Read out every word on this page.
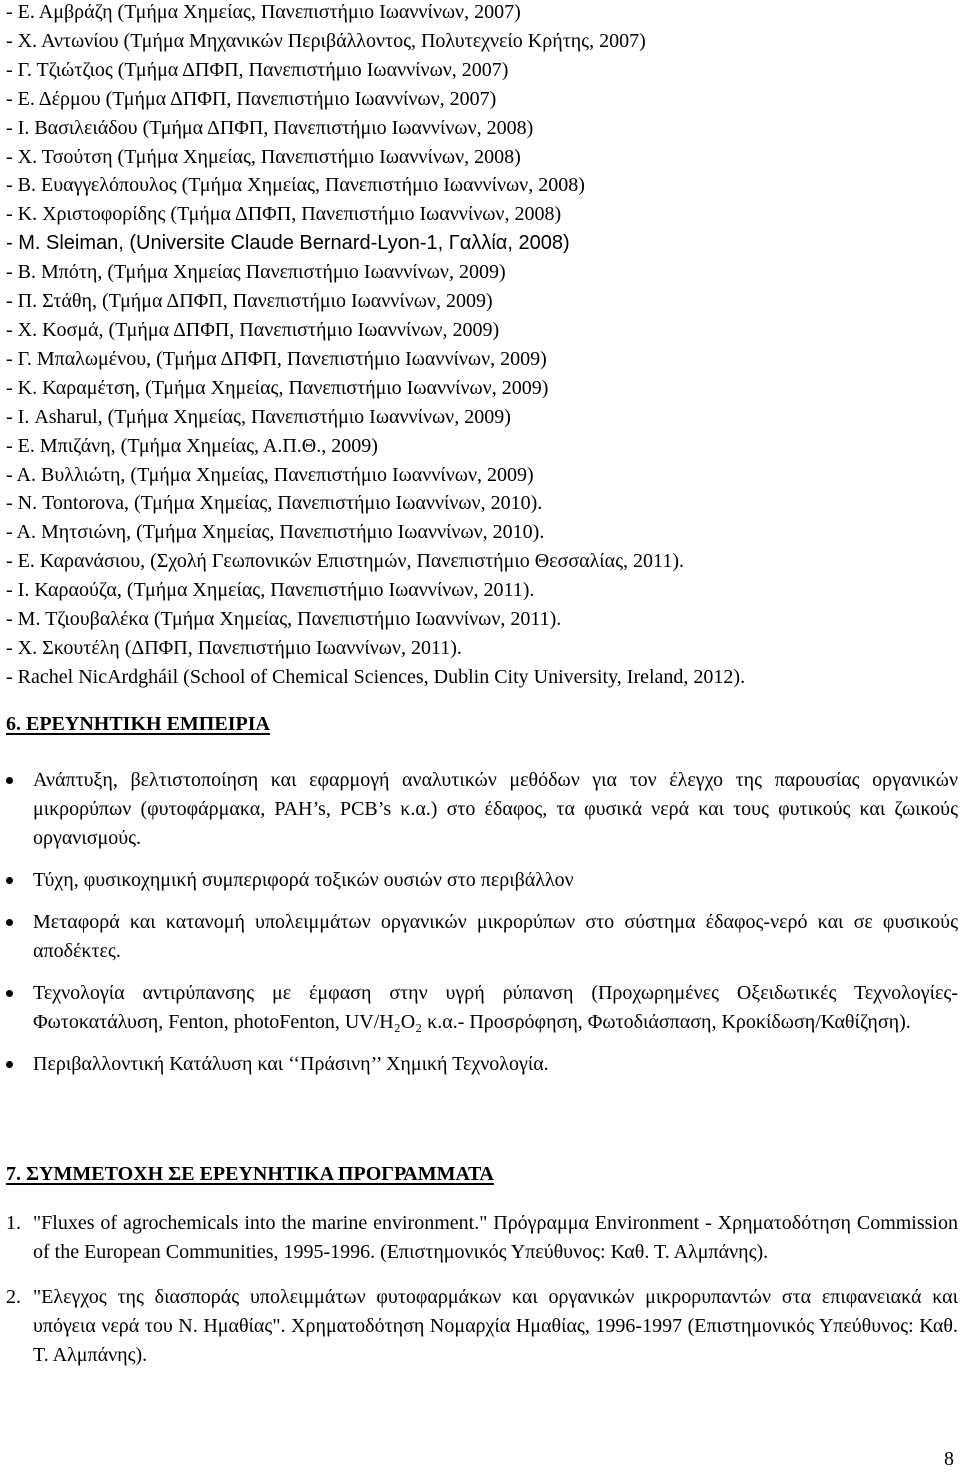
- Ε. Αμβράζη (Τμήμα Χημείας, Πανεπιστήμιο Ιωαννίνων, 2007)
- Χ. Αντωνίου (Τμήμα Μηχανικών Περιβάλλοντος, Πολυτεχνείο Κρήτης, 2007)
- Γ. Τζιώτζιος (Τμήμα ΔΠΦΠ, Πανεπιστήμιο Ιωαννίνων, 2007)
- Ε. Δέρμου (Τμήμα ΔΠΦΠ, Πανεπιστήμιο Ιωαννίνων, 2007)
- Ι. Βασιλειάδου (Τμήμα ΔΠΦΠ, Πανεπιστήμιο Ιωαννίνων, 2008)
- Χ. Τσούτση (Τμήμα Χημείας, Πανεπιστήμιο Ιωαννίνων, 2008)
- Β. Ευαγγελόπουλος (Τμήμα Χημείας, Πανεπιστήμιο Ιωαννίνων, 2008)
- Κ. Χριστοφορίδης (Τμήμα ΔΠΦΠ, Πανεπιστήμιο Ιωαννίνων, 2008)
- Μ. Sleiman, (Universite Claude Bernard-Lyon-1, Γαλλία, 2008)
- Β. Μπότη, (Τμήμα Χημείας Πανεπιστήμιο Ιωαννίνων, 2009)
- Π. Στάθη, (Τμήμα ΔΠΦΠ, Πανεπιστήμιο Ιωαννίνων, 2009)
- Χ. Κοσμά, (Τμήμα ΔΠΦΠ, Πανεπιστήμιο Ιωαννίνων, 2009)
- Γ. Μπαλωμένου, (Τμήμα ΔΠΦΠ, Πανεπιστήμιο Ιωαννίνων, 2009)
- Κ. Καραμέτση, (Τμήμα Χημείας, Πανεπιστήμιο Ιωαννίνων, 2009)
- Ι. Asharul, (Τμήμα Χημείας, Πανεπιστήμιο Ιωαννίνων, 2009)
- Ε. Μπιζάνη, (Τμήμα Χημείας, Α.Π.Θ., 2009)
- Α. Βυλλιώτη, (Τμήμα Χημείας, Πανεπιστήμιο Ιωαννίνων, 2009)
- Ν. Tontorova, (Τμήμα Χημείας, Πανεπιστήμιο Ιωαννίνων, 2010).
- Α. Μητσιώνη, (Τμήμα Χημείας, Πανεπιστήμιο Ιωαννίνων, 2010).
- Ε. Καρανάσιου, (Σχολή Γεωπονικών Επιστημών, Πανεπιστήμιο Θεσσαλίας, 2011).
- Ι. Καραούζα, (Τμήμα Χημείας, Πανεπιστήμιο Ιωαννίνων, 2011).
- Μ. Τζιουβαλέκα (Τμήμα Χημείας, Πανεπιστήμιο Ιωαννίνων, 2011).
- Χ. Σκουτέλη (ΔΠΦΠ, Πανεπιστήμιο Ιωαννίνων, 2011).
- Rachel NicArdgháil (School of Chemical Sciences, Dublin City University, Ireland, 2012).
6. ΕΡΕΥΝΗΤΙΚΗ ΕΜΠΕΙΡΙΑ
Ανάπτυξη, βελτιστοποίηση και εφαρμογή αναλυτικών μεθόδων για τον έλεγχο της παρουσίας οργανικών μικρορύπων (φυτοφάρμακα, PAH’s, PCB’s κ.α.) στο έδαφος, τα φυσικά νερά και τους φυτικούς και ζωικούς οργανισμούς.
Τύχη, φυσικοχημική συμπεριφορά τοξικών ουσιών στο περιβάλλον
Μεταφορά και κατανομή υπολειμμάτων οργανικών μικρορύπων στο σύστημα έδαφος-νερό και σε φυσικούς αποδέκτες.
Τεχνολογία αντιρύπανσης με έμφαση στην υγρή ρύπανση (Προχωρημένες Οξειδωτικές Τεχνολογίες-Φωτοκατάλυση, Fenton, photoFenton, UV/H₂O₂ κ.α.- Προσρόφηση, Φωτοδιάσπαση, Κροκίδωση/Καθίζηση).
Περιβαλλοντική Κατάλυση και ‘‘Πράσινη’’ Χημική Τεχνολογία.
7. ΣΥΜΜΕΤΟΧΗ ΣΕ ΕΡΕΥΝΗΤΙΚΑ ΠΡΟΓΡΑΜΜΑΤΑ
1. "Fluxes of agrochemicals into the marine environment." Πρόγραμμα Environment - Χρηματοδότηση Commission of the European Communities, 1995-1996. (Επιστημονικός Υπεύθυνος: Καθ. Τ. Αλμπάνης).
2. "Ελεγχος της διασποράς υπολειμμάτων φυτοφαρμάκων και οργανικών μικρορυπαντών στα επιφανειακά και υπόγεια νερά του Ν. Ημαθίας". Χρηματοδότηση Νομαρχία Ημαθίας, 1996-1997 (Επιστημονικός Υπεύθυνος: Καθ. Τ. Αλμπάνης).
8
